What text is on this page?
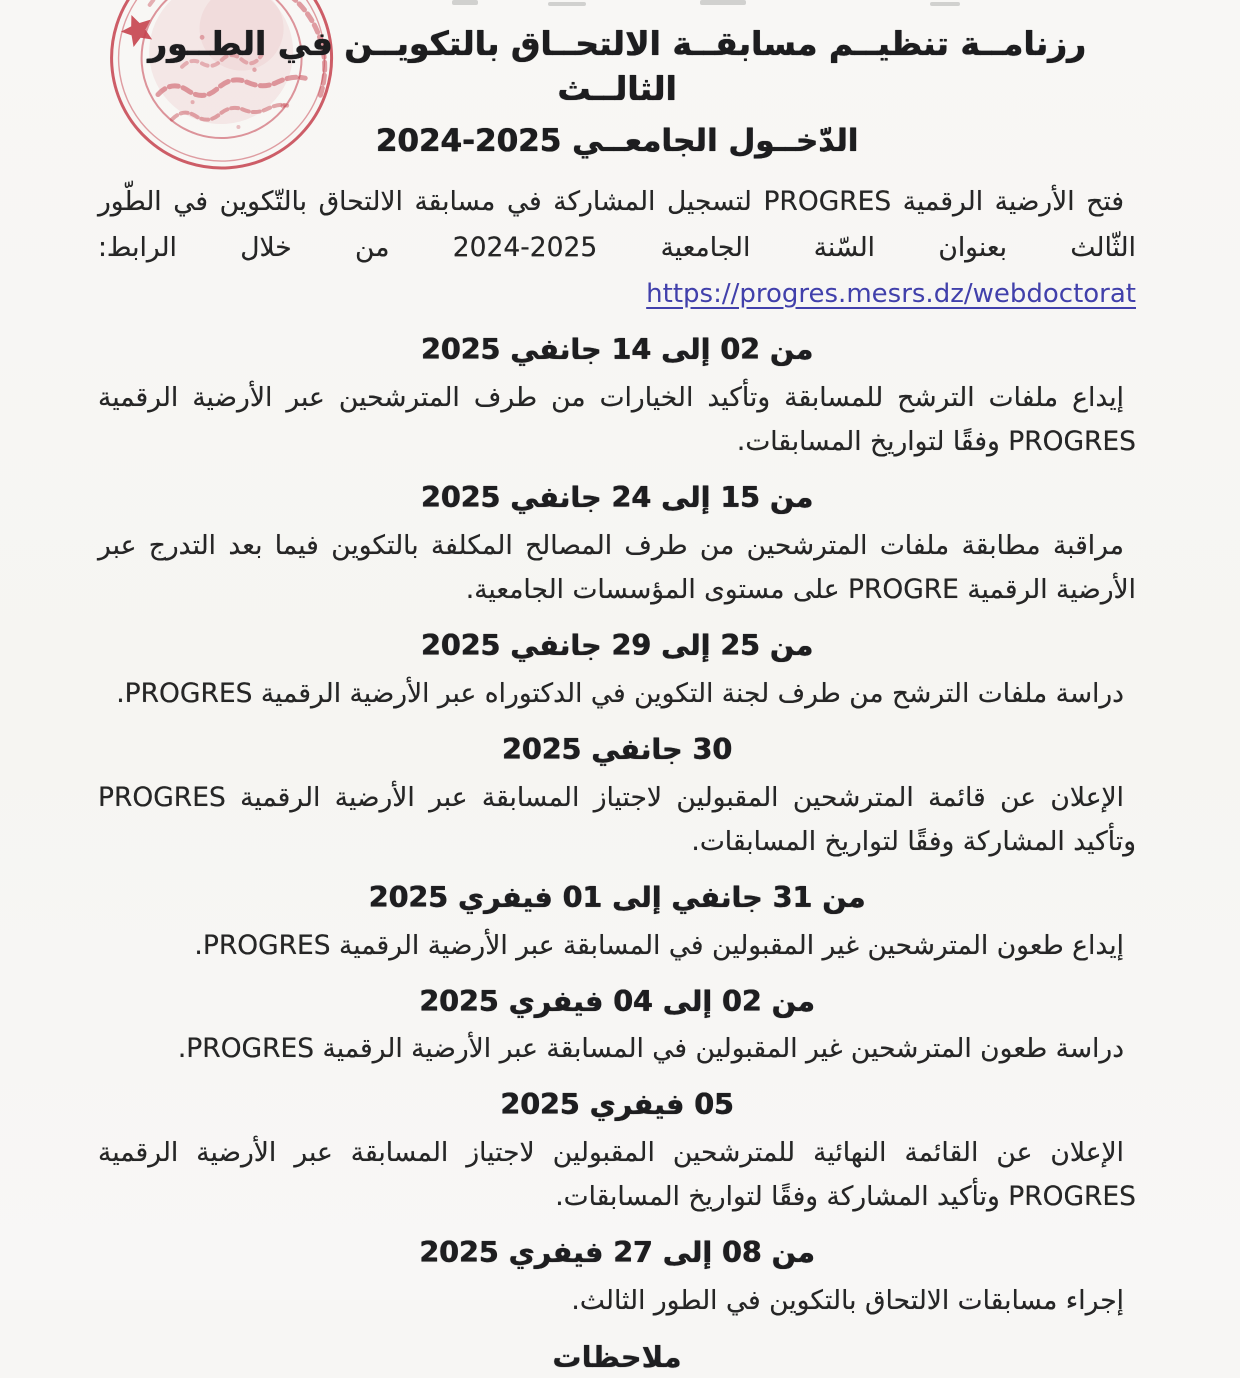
رزنامــة تنظيــم مسابقــة الالتحــاق بالتكويــن في الطــور الثالــث
الدّخــول الجامعــي 2025-2024

فتح الأرضية الرقمية PROGRES لتسجيل المشاركة في مسابقة الالتحاق بالتّكوين في الطّور الثّالث بعنوان السّنة الجامعية 2025-2024 من خلال الرابط: https://progres.mesrs.dz/webdoctorat

من 02 إلى 14 جانفي 2025

إيداع ملفات الترشح للمسابقة وتأكيد الخيارات من طرف المترشحين عبر الأرضية الرقمية PROGRES وفقًا لتواريخ المسابقات.

من 15 إلى 24 جانفي 2025

مراقبة مطابقة ملفات المترشحين من طرف المصالح المكلفة بالتكوين فيما بعد التدرج عبر الأرضية الرقمية PROGRE على مستوى المؤسسات الجامعية.

من 25 إلى 29 جانفي 2025

دراسة ملفات الترشح من طرف لجنة التكوين في الدكتوراه عبر الأرضية الرقمية PROGRES.

30 جانفي 2025

الإعلان عن قائمة المترشحين المقبولين لاجتياز المسابقة عبر الأرضية الرقمية PROGRES وتأكيد المشاركة وفقًا لتواريخ المسابقات.

من 31 جانفي إلى 01 فيفري 2025

إيداع طعون المترشحين غير المقبولين في المسابقة عبر الأرضية الرقمية PROGRES.

من 02 إلى 04 فيفري 2025

دراسة طعون المترشحين غير المقبولين في المسابقة عبر الأرضية الرقمية PROGRES.

05 فيفري 2025

الإعلان عن القائمة النهائية للمترشحين المقبولين لاجتياز المسابقة عبر الأرضية الرقمية PROGRES وتأكيد المشاركة وفقًا لتواريخ المسابقات.

من 08 إلى 27 فيفري 2025

إجراء مسابقات الالتحاق بالتكوين في الطور الثالث.

ملاحظات
